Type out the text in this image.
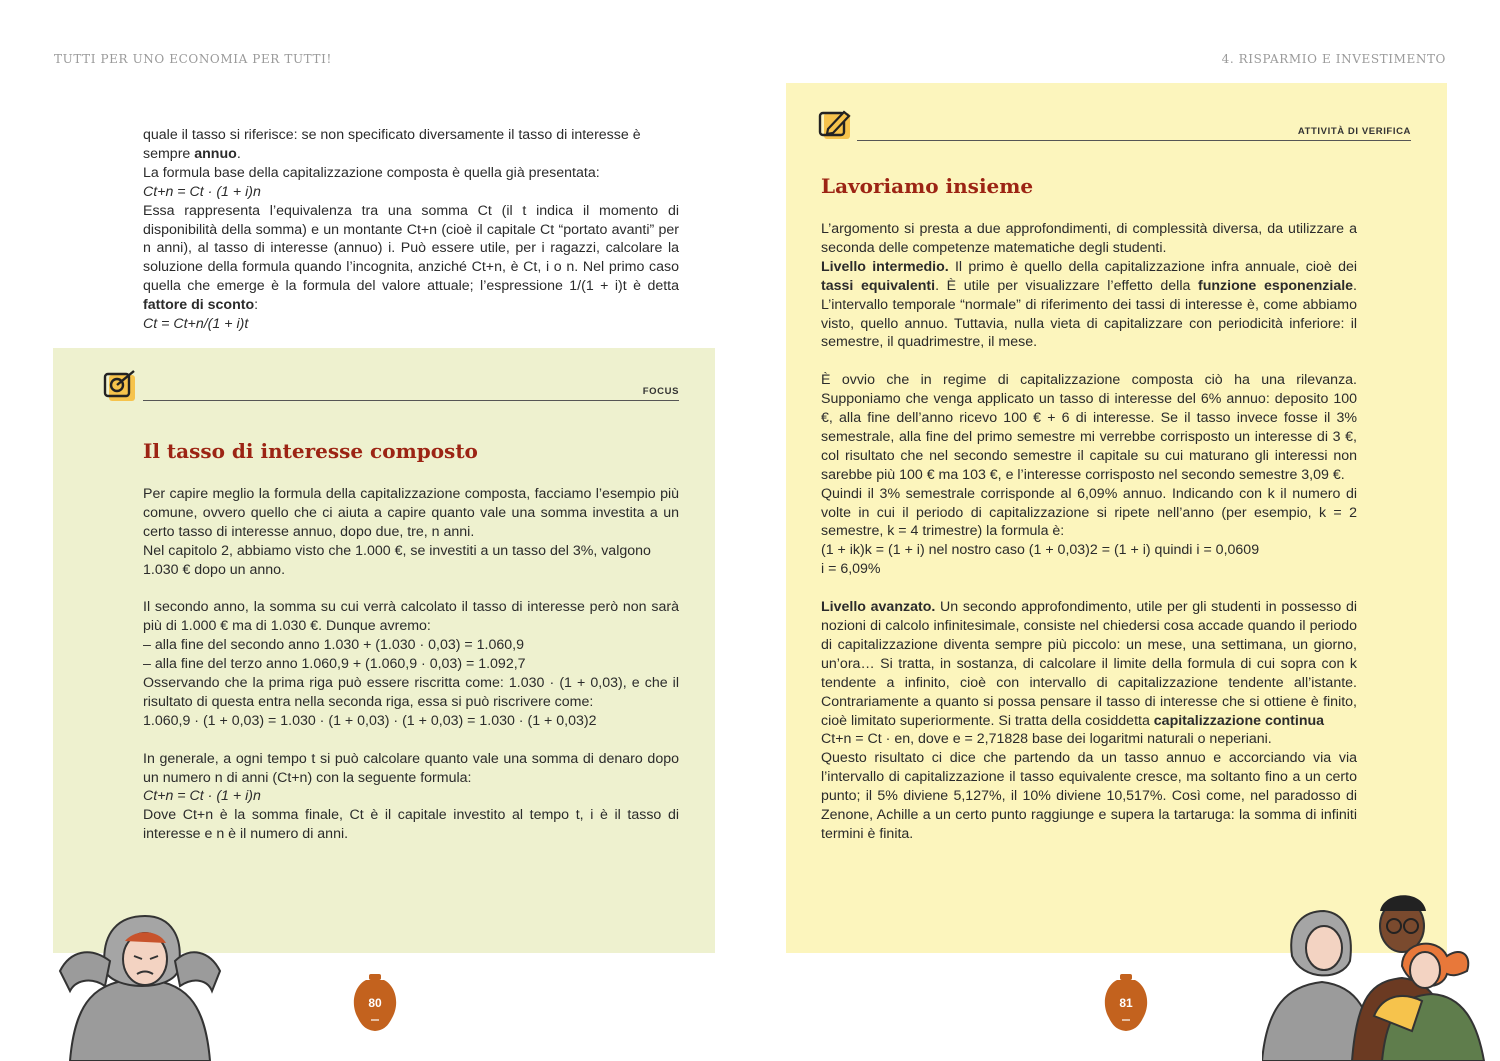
TUTTI PER UNO ECONOMIA PER TUTTI!	4. RISPARMIO E INVESTIMENTO

quale il tasso si riferisce: se non specificato diversamente il tasso di interesse è

sempre annuo.

La formula base della capitalizzazione composta è quella già presentata:

Ct+n = Ct · (1 + i)n

Essa rappresenta l’equivalenza tra una somma Ct (il t indica il momento di disponibilità della somma) e un montante Ct+n (cioè il capitale Ct “portato avanti” per n anni), al tasso di interesse (annuo) i. Può essere utile, per i ragazzi, calcolare la soluzione della formula quando l’incognita, anziché Ct+n, è Ct, i o n. Nel primo caso quella che emerge è la formula del valore attuale; l’espressione 1/(1 + i)t è detta fattore di sconto:

Ct = Ct+n/(1 + i)t

FOCUS
Il tasso di interesse composto

Per capire meglio la formula della capitalizzazione composta, facciamo l’esempio più comune, ovvero quello che ci aiuta a capire quanto vale una somma investita a un certo tasso di interesse annuo, dopo due, tre, n anni.

Nel capitolo 2, abbiamo visto che 1.000 €, se investiti a un tasso del 3%, valgono 1.030 € dopo un anno.

Il secondo anno, la somma su cui verrà calcolato il tasso di interesse però non sarà più di 1.000 € ma di 1.030 €. Dunque avremo:

– alla fine del secondo anno 1.030 + (1.030 · 0,03) = 1.060,9

– alla fine del terzo anno 1.060,9 + (1.060,9 · 0,03) = 1.092,7

Osservando che la prima riga può essere riscritta come: 1.030 · (1 + 0,03), e che il risultato di questa entra nella seconda riga, essa si può riscrivere come:

1.060,9 · (1 + 0,03) = 1.030 · (1 + 0,03) · (1 + 0,03) = 1.030 · (1 + 0,03)2

In generale, a ogni tempo t si può calcolare quanto vale una somma di denaro dopo un numero n di anni (Ct+n) con la seguente formula:

Ct+n = Ct · (1 + i)n

Dove Ct+n è la somma finale, Ct è il capitale investito al tempo t, i è il tasso di interesse e n è il numero di anni.

ATTIVITÀ DI VERIFICA
Lavoriamo insieme

L’argomento si presta a due approfondimenti, di complessità diversa, da utilizzare a seconda delle competenze matematiche degli studenti.

Livello intermedio. Il primo è quello della capitalizzazione infra annuale, cioè dei tassi equivalenti. È utile per visualizzare l’effetto della funzione esponenziale. L’intervallo temporale “normale” di riferimento dei tassi di interesse è, come abbiamo visto, quello annuo. Tuttavia, nulla vieta di capitalizzare con periodicità inferiore: il semestre, il quadrimestre, il mese.

È ovvio che in regime di capitalizzazione composta ciò ha una rilevanza. Supponiamo che venga applicato un tasso di interesse del 6% annuo: deposito 100 €, alla fine dell’anno ricevo 100 € + 6 di interesse. Se il tasso invece fosse il 3% semestrale, alla fine del primo semestre mi verrebbe corrisposto un interesse di 3 €, col risultato che nel secondo semestre il capitale su cui maturano gli interessi non sarebbe più 100 € ma 103 €, e l’interesse corrisposto nel secondo semestre 3,09 €.

Quindi il 3% semestrale corrisponde al 6,09% annuo. Indicando con k il numero di volte in cui il periodo di capitalizzazione si ripete nell’anno (per esempio, k = 2 semestre, k = 4 trimestre) la formula è:

(1 + ik)k = (1 + i) nel nostro caso (1 + 0,03)2 = (1 + i) quindi i = 0,0609

i = 6,09%

Livello avanzato. Un secondo approfondimento, utile per gli studenti in possesso di nozioni di calcolo infinitesimale, consiste nel chiedersi cosa accade quando il periodo di capitalizzazione diventa sempre più piccolo: un mese, una settimana, un giorno, un’ora… Si tratta, in sostanza, di calcolare il limite della formula di cui sopra con k tendente a infinito, cioè con intervallo di capitalizzazione tendente all’istante. Contrariamente a quanto si possa pensare il tasso di interesse che si ottiene è finito, cioè limitato superiormente. Si tratta della cosiddetta capitalizzazione continua

Ct+n = Ct · en, dove e = 2,71828 base dei logaritmi naturali o neperiani.

Questo risultato ci dice che partendo da un tasso annuo e accorciando via via l’intervallo di capitalizzazione il tasso equivalente cresce, ma soltanto fino a un certo punto; il 5% diviene 5,127%, il 10% diviene 10,517%. Così come, nel paradosso di Zenone, Achille a un certo punto raggiunge e supera la tartaruga: la somma di infiniti termini è finita.

80	81
